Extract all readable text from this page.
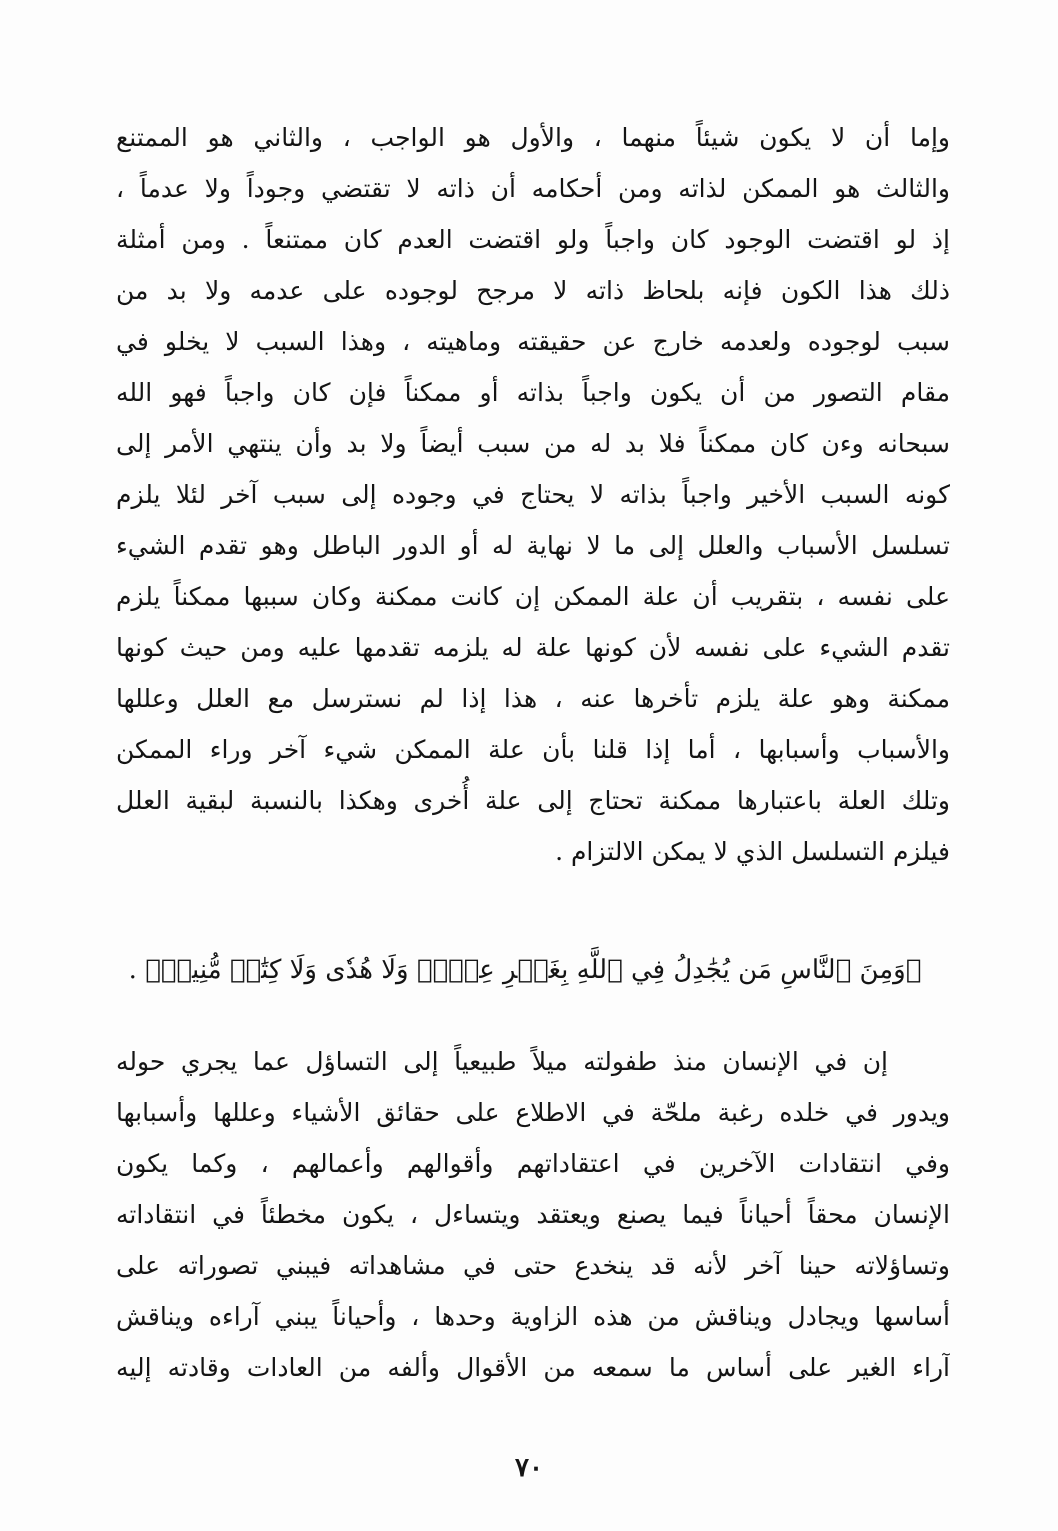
وإما أن لا يكون شيئاً منهما ، والأول هو الواجب ، والثاني هو الممتنع
والثالث هو الممكن لذاته ومن أحكامه أن ذاته لا تقتضي وجوداً ولا عدماً ،
إذ لو اقتضت الوجود كان واجباً ولو اقتضت العدم كان ممتنعاً . ومن أمثلة
ذلك هذا الكون فإنه بلحاظ ذاته لا مرجح لوجوده على عدمه ولا بد من
سبب لوجوده ولعدمه خارج عن حقيقته وماهيته ، وهذا السبب لا يخلو في
مقام التصور من أن يكون واجباً بذاته أو ممكناً فإن كان واجباً فهو الله
سبحانه وءن كان ممكناً فلا بد له من سبب أيضاً ولا بد وأن ينتهي الأمر إلى
كونه السبب الأخير واجباً بذاته لا يحتاج في وجوده إلى سبب آخر لئلا يلزم
تسلسل الأسباب والعلل إلى ما لا نهاية له أو الدور الباطل وهو تقدم الشيء
على نفسه ، بتقريب أن علة الممكن إن كانت ممكنة وكان سببها ممكناً يلزم
تقدم الشيء على نفسه لأن كونها علة له يلزمه تقدمها عليه ومن حيث كونها
ممكنة وهو علة يلزم تأخرها عنه ، هذا إذا لم نسترسل مع العلل وعللها
والأسباب وأسبابها ، أما إذا قلنا بأن علة الممكن شيء آخر وراء الممكن
وتلك العلة باعتبارها ممكنة تحتاج إلى علة أُخرى وهكذا بالنسبة لبقية العلل
فيلزم التسلسل الذي لا يمكن الالتزام .
﴿وَمِنَ ٱلنَّاسِ مَن يُجَٰدِلُ فِي ٱللَّهِ بِغَيۡرِ عِلۡمٖ وَلَا هُدٗى وَلَا كِتَٰبٖ مُّنِيرٖ﴾ .
إن في الإنسان منذ طفولته ميلاً طبيعياً إلى التساؤل عما يجري حوله
ويدور في خلده رغبة ملحّة في الاطلاع على حقائق الأشياء وعللها وأسبابها
وفي انتقادات الآخرين في اعتقاداتهم وأقوالهم وأعمالهم ، وكما يكون
الإنسان محقاً أحياناً فيما يصنع ويعتقد ويتساءل ، يكون مخطئاً في انتقاداته
وتساؤلاته حينا آخر لأنه قد ينخدع حتى في مشاهداته فيبني تصوراته على
أساسها ويجادل ويناقش من هذه الزاوية وحدها ، وأحياناً يبني آراءه ويناقش
آراء الغير على أساس ما سمعه من الأقوال وألفه من العادات وقادته إليه
٧٠
